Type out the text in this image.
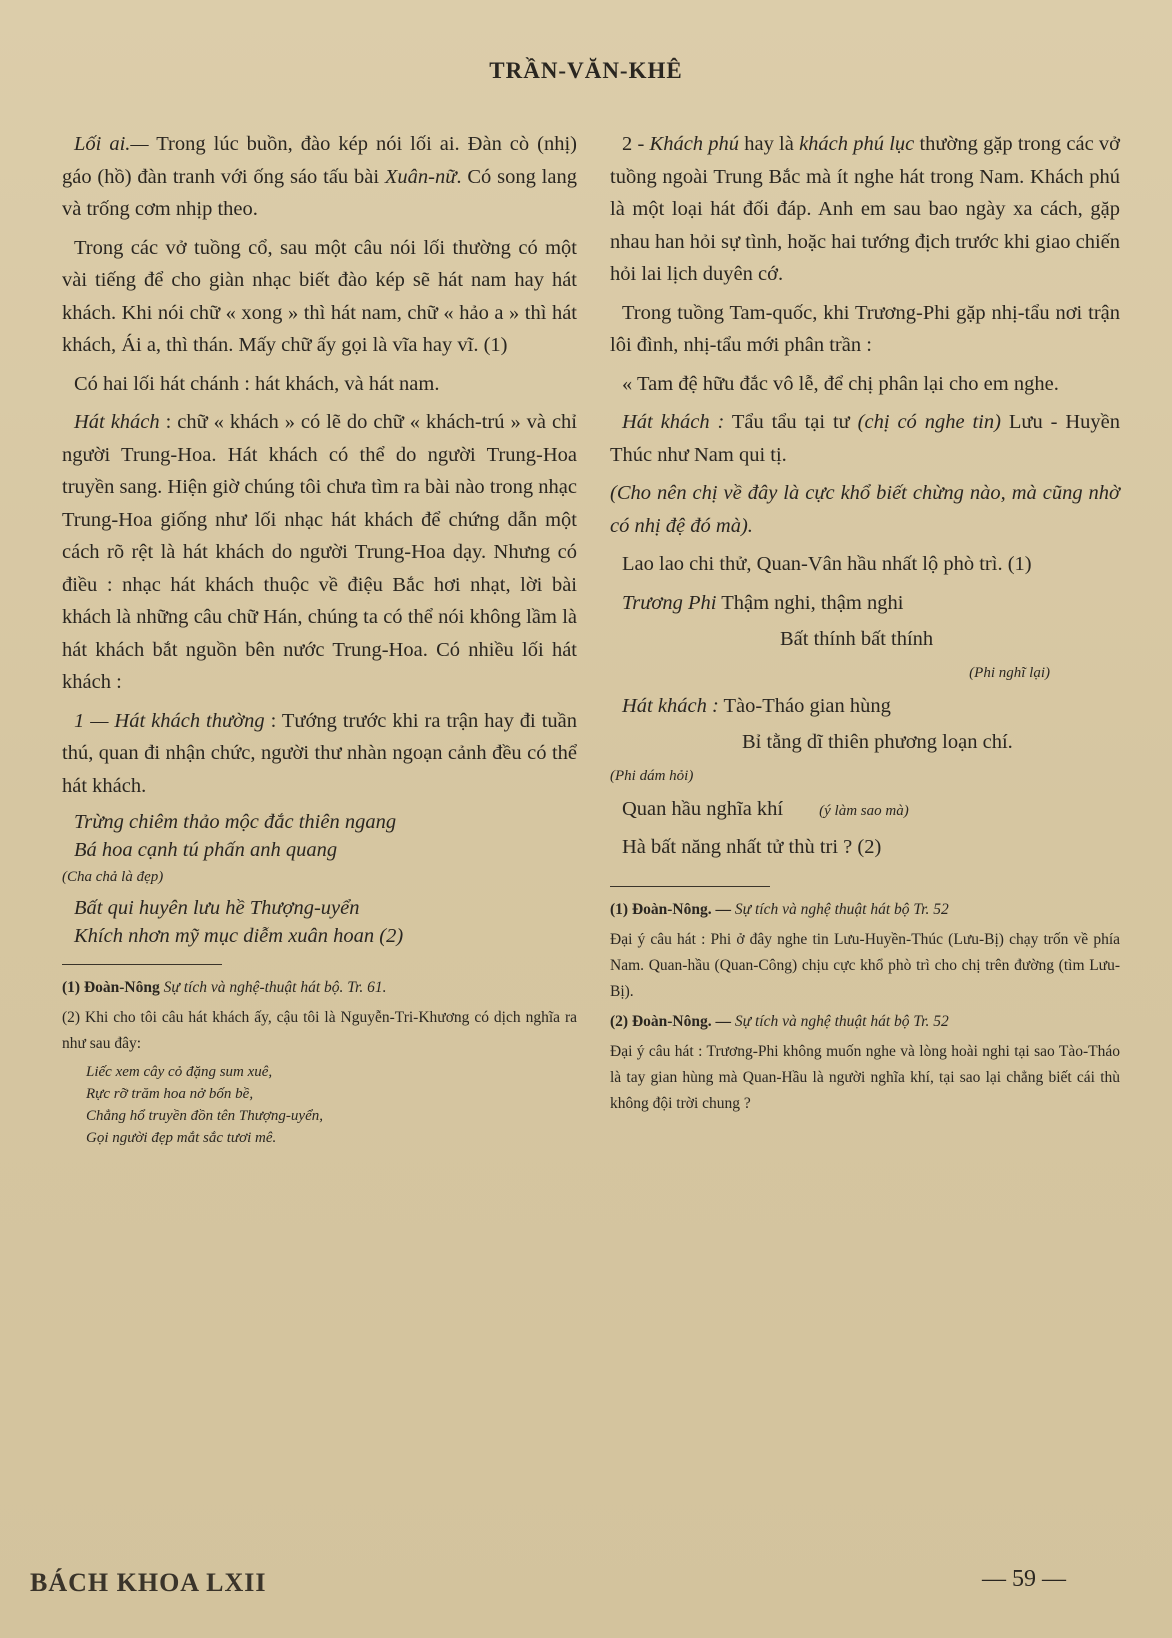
TRẦN-VĂN-KHÊ

Lối ai.— Trong lúc buồn, đào kép nói lối ai. Đàn cò (nhị) gáo (hồ) đàn tranh với ống sáo tấu bài Xuân-nữ. Có song lang và trống cơm nhịp theo.

Trong các vở tuồng cổ, sau một câu nói lối thường có một vài tiếng để cho giàn nhạc biết đào kép sẽ hát nam hay hát khách. Khi nói chữ « xong » thì hát nam, chữ « hảo a » thì hát khách, Ái a, thì thán. Mấy chữ ấy gọi là vĩa hay vĩ. (1)

Có hai lối hát chánh : hát khách, và hát nam.

Hát khách : chữ « khách » có lẽ do chữ « khách-trú » và chỉ người Trung-Hoa. Hát khách có thể do người Trung-Hoa truyền sang. Hiện giờ chúng tôi chưa tìm ra bài nào trong nhạc Trung-Hoa giống như lối nhạc hát khách để chứng dẫn một cách rõ rệt là hát khách do người Trung-Hoa dạy. Nhưng có điều : nhạc hát khách thuộc về điệu Bắc hơi nhạt, lời bài khách là những câu chữ Hán, chúng ta có thể nói không lầm là hát khách bắt nguồn bên nước Trung-Hoa. Có nhiều lối hát khách :

1 — Hát khách thường : Tướng trước khi ra trận hay đi tuần thú, quan đi nhận chức, người thư nhàn ngoạn cảnh đều có thể hát khách.

Trừng chiêm thảo mộc đắc thiên ngang
Bá hoa cạnh tú phấn anh quang
(Cha chả là đẹp)
Bất qui huyên lưu hề Thượng-uyển
Khích nhơn mỹ mục diễm xuân hoan (2)

(1) Đoàn-Nông Sự tích và nghệ-thuật hát bộ. Tr. 61.

(2) Khi cho tôi câu hát khách ấy, cậu tôi là Nguyễn-Tri-Khương có dịch nghĩa ra như sau đây:

Liếc xem cây cỏ đặng sum xuê,
Rực rỡ trăm hoa nở bốn bề,
Chẳng hổ truyền đồn tên Thượng-uyển,
Gọi người đẹp mắt sắc tươi mê.

2 - Khách phú hay là khách phú lục thường gặp trong các vở tuồng ngoài Trung Bắc mà ít nghe hát trong Nam. Khách phú là một loại hát đối đáp. Anh em sau bao ngày xa cách, gặp nhau han hỏi sự tình, hoặc hai tướng địch trước khi giao chiến hỏi lai lịch duyên cớ.

Trong tuồng Tam-quốc, khi Trương-Phi gặp nhị-tẩu nơi trận lôi đình, nhị-tẩu mới phân trần :

« Tam đệ hữu đắc vô lễ, để chị phân lại cho em nghe.

Hát khách : Tẩu tẩu tại tư (chị có nghe tin) Lưu - Huyền Thúc như Nam qui tị.

(Cho nên chị về đây là cực khổ biết chừng nào, mà cũng nhờ có nhị đệ đó mà).

Lao lao chi thử, Quan-Vân hầu nhất lộ phò trì. (1)

Trương Phi Thậm nghi, thậm nghi
Bất thính bất thính
(Phi nghĩ lại)
Hát khách : Tào-Tháo gian hùng
Bỉ tằng dĩ thiên phương loạn chí.
(Phi dám hỏi)
Quan hầu nghĩa khí (ý làm sao mà)
Hà bất năng nhất tử thù tri ? (2)

(1) Đoàn-Nông. — Sự tích và nghệ thuật hát bộ Tr. 52

Đại ý câu hát : Phi ở đây nghe tin Lưu-Huyền-Thúc (Lưu-Bị) chạy trốn về phía Nam. Quan-hầu (Quan-Công) chịu cực khổ phò trì cho chị trên đường (tìm Lưu-Bị).

(2) Đoàn-Nông. — Sự tích và nghệ thuật hát bộ Tr. 52

Đại ý câu hát : Trương-Phi không muốn nghe và lòng hoài nghi tại sao Tào-Tháo là tay gian hùng mà Quan-Hầu là người nghĩa khí, tại sao lại chẳng biết cái thù không đội trời chung ?

BÁCH KHOA LXII	— 59 —
